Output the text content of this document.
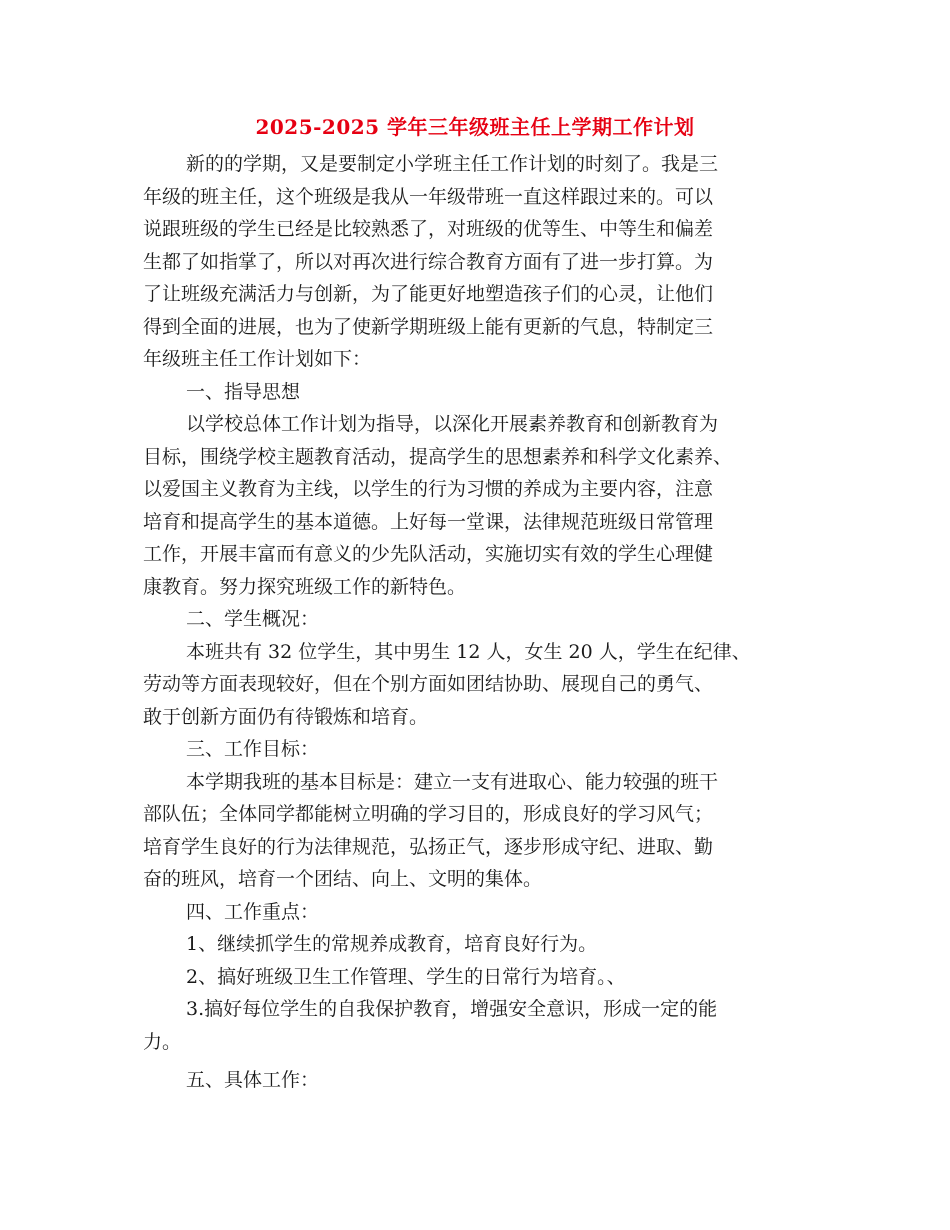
2025-2025 学年三年级班主任上学期工作计划
新的的学期，又是要制定小学班主任工作计划的时刻了。我是三
年级的班主任，这个班级是我从一年级带班一直这样跟过来的。可以
说跟班级的学生已经是比较熟悉了，对班级的优等生、中等生和偏差
生都了如指掌了，所以对再次进行综合教育方面有了进一步打算。为
了让班级充满活力与创新，为了能更好地塑造孩子们的心灵，让他们
得到全面的进展，也为了使新学期班级上能有更新的气息，特制定三
年级班主任工作计划如下：
一、指导思想
以学校总体工作计划为指导，以深化开展素养教育和创新教育为
目标，围绕学校主题教育活动，提高学生的思想素养和科学文化素养、
以爱国主义教育为主线，以学生的行为习惯的养成为主要内容，注意
培育和提高学生的基本道德。上好每一堂课，法律规范班级日常管理
工作，开展丰富而有意义的少先队活动，实施切实有效的学生心理健
康教育。努力探究班级工作的新特色。
二、学生概况：
本班共有 32 位学生，其中男生 12 人，女生 20 人，学生在纪律、
劳动等方面表现较好，但在个别方面如团结协助、展现自己的勇气、
敢于创新方面仍有待锻炼和培育。
三、工作目标：
本学期我班的基本目标是：建立一支有进取心、能力较强的班干
部队伍；全体同学都能树立明确的学习目的，形成良好的学习风气；
培育学生良好的行为法律规范，弘扬正气，逐步形成守纪、进取、勤
奋的班风，培育一个团结、向上、文明的集体。
四、工作重点：
1、继续抓学生的常规养成教育，培育良好行为。
2、搞好班级卫生工作管理、学生的日常行为培育。、
3.搞好每位学生的自我保护教育，增强安全意识，形成一定的能
力。
五、具体工作：
